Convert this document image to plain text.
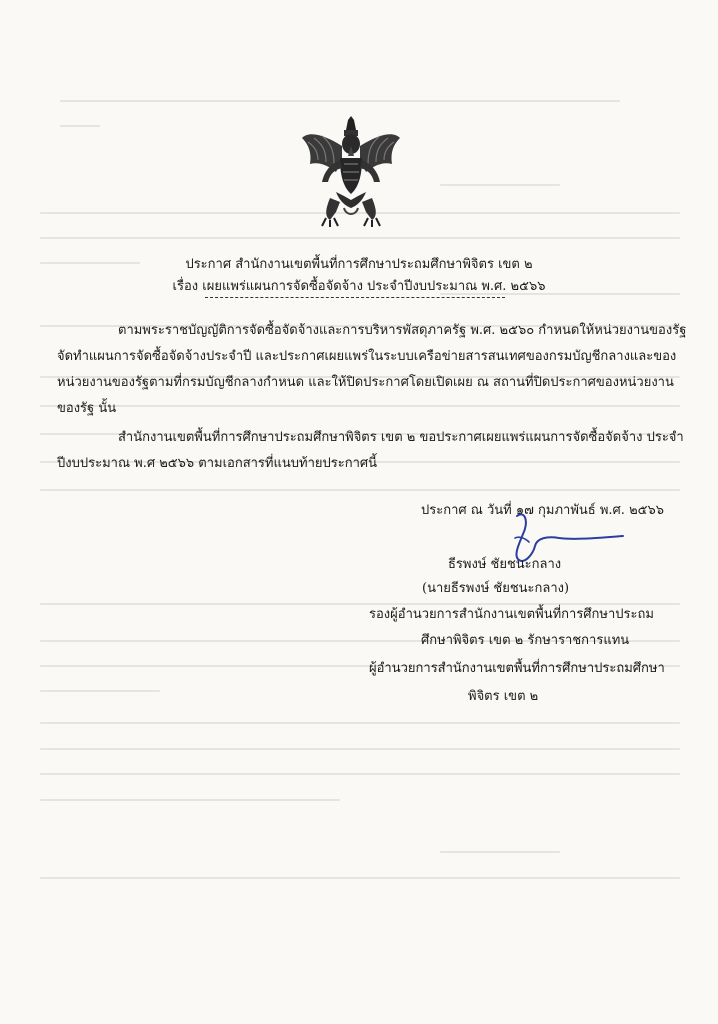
ประกาศ สำนักงานเขตพื้นที่การศึกษาประถมศึกษาพิจิตร เขต ๒
เรื่อง เผยแพร่แผนการจัดซื้อจัดจ้าง ประจำปีงบประมาณ พ.ศ. ๒๕๖๖
ตามพระราชบัญญัติการจัดซื้อจัดจ้างและการบริหารพัสดุภาครัฐ พ.ศ. ๒๕๖๐ กำหนดให้หน่วยงานของรัฐ
จัดทำแผนการจัดซื้อจัดจ้างประจำปี และประกาศเผยแพร่ในระบบเครือข่ายสารสนเทศของกรมบัญชีกลางและของ
หน่วยงานของรัฐตามที่กรมบัญชีกลางกำหนด และให้ปิดประกาศโดยเปิดเผย ณ สถานที่ปิดประกาศของหน่วยงาน
ของรัฐ นั้น
สำนักงานเขตพื้นที่การศึกษาประถมศึกษาพิจิตร เขต ๒ ขอประกาศเผยแพร่แผนการจัดซื้อจัดจ้าง ประจำ
ปีงบประมาณ พ.ศ ๒๕๖๖ ตามเอกสารที่แนบท้ายประกาศนี้
ประกาศ ณ วันที่ ๑๗ กุมภาพันธ์ พ.ศ. ๒๕๖๖
ธีรพงษ์ ชัยชนะกลาง
(นายธีรพงษ์ ชัยชนะกลาง)
รองผู้อำนวยการสำนักงานเขตพื้นที่การศึกษาประถม
ศึกษาพิจิตร เขต ๒ รักษาราชการแทน
ผู้อำนวยการสำนักงานเขตพื้นที่การศึกษาประถมศึกษา
พิจิตร เขต ๒
